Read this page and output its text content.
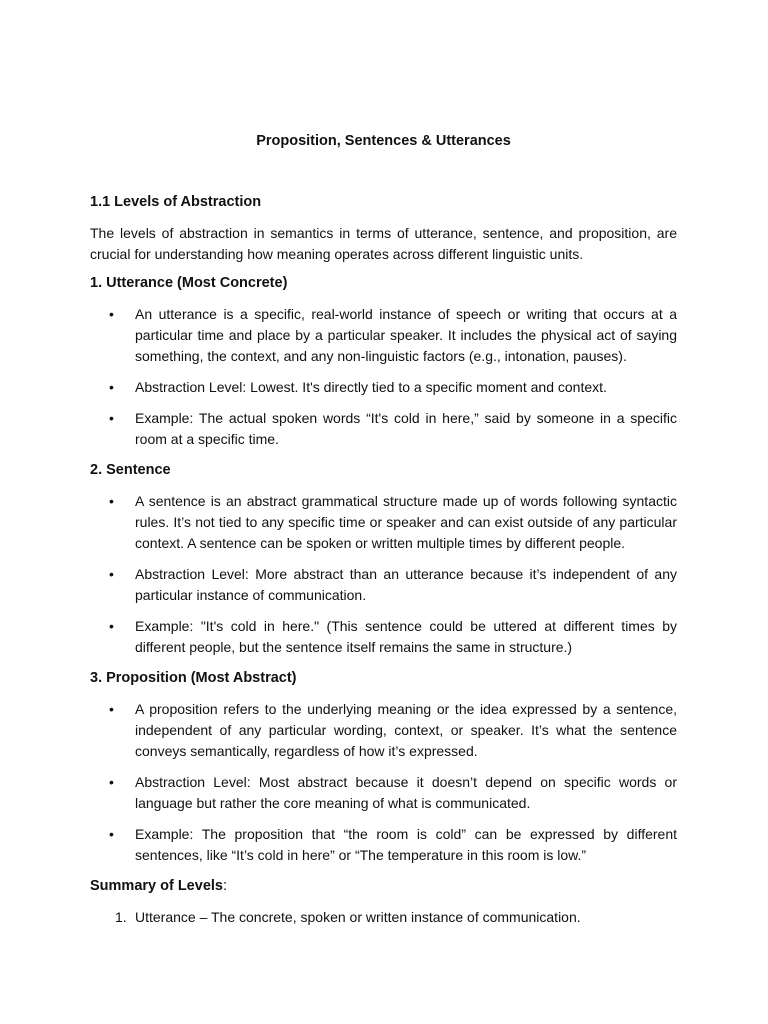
Proposition, Sentences & Utterances
1.1 Levels of Abstraction
The levels of abstraction in semantics in terms of utterance, sentence, and proposition, are crucial for understanding how meaning operates across different linguistic units.
1. Utterance (Most Concrete)
• An utterance is a specific, real-world instance of speech or writing that occurs at a particular time and place by a particular speaker. It includes the physical act of saying something, the context, and any non-linguistic factors (e.g., intonation, pauses).
• Abstraction Level: Lowest. It's directly tied to a specific moment and context.
• Example: The actual spoken words “It's cold in here,” said by someone in a specific room at a specific time.
2. Sentence
• A sentence is an abstract grammatical structure made up of words following syntactic rules. It’s not tied to any specific time or speaker and can exist outside of any particular context. A sentence can be spoken or written multiple times by different people.
• Abstraction Level: More abstract than an utterance because it’s independent of any particular instance of communication.
• Example: "It's cold in here." (This sentence could be uttered at different times by different people, but the sentence itself remains the same in structure.)
3. Proposition (Most Abstract)
• A proposition refers to the underlying meaning or the idea expressed by a sentence, independent of any particular wording, context, or speaker. It’s what the sentence conveys semantically, regardless of how it’s expressed.
• Abstraction Level: Most abstract because it doesn’t depend on specific words or language but rather the core meaning of what is communicated.
• Example: The proposition that “the room is cold” can be expressed by different sentences, like “It’s cold in here” or “The temperature in this room is low.”
Summary of Levels:
1. Utterance – The concrete, spoken or written instance of communication.
